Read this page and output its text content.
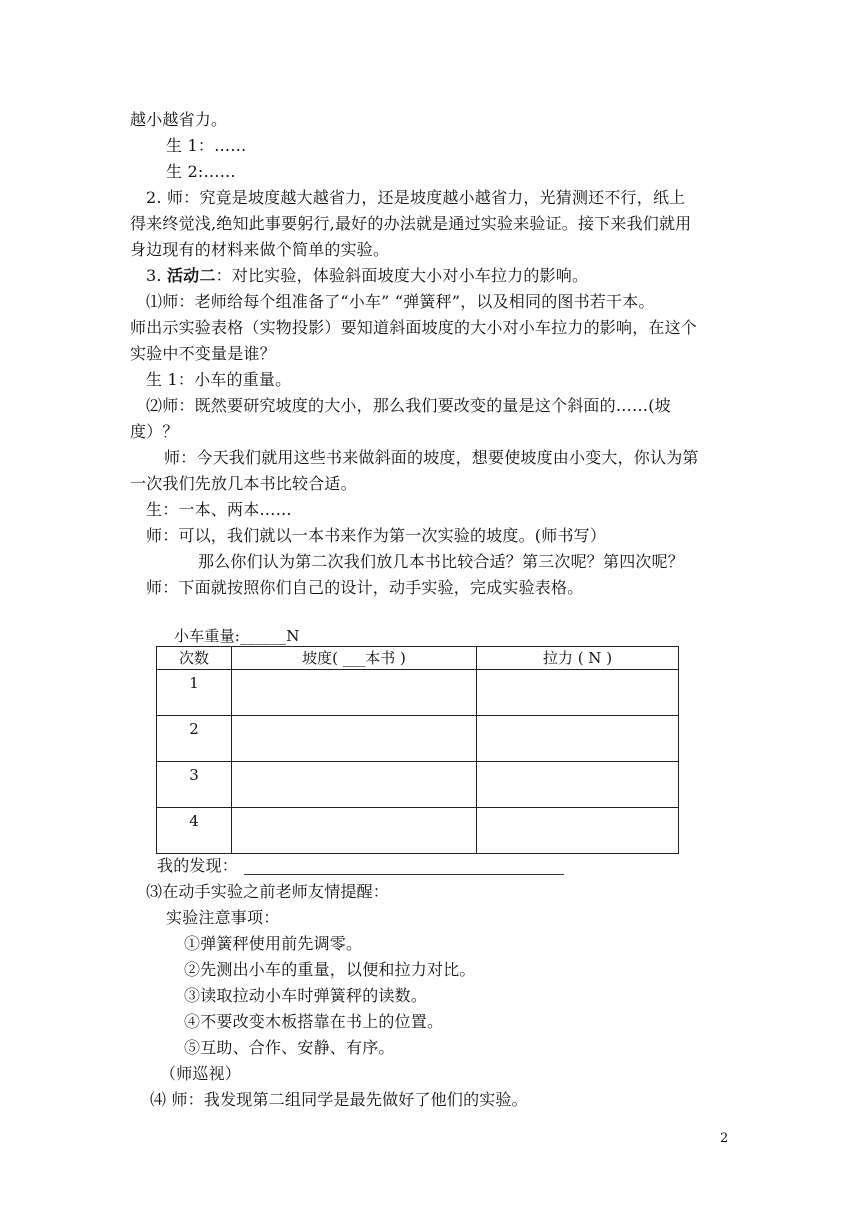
越小越省力。
生 1：……
生 2:……
2. 师：究竟是坡度越大越省力，还是坡度越小越省力，光猜测还不行，纸上
得来终觉浅,绝知此事要躬行,最好的办法就是通过实验来验证。接下来我们就用
身边现有的材料来做个简单的实验。
3. 活动二：对比实验，体验斜面坡度大小对小车拉力的影响。
⑴师：老师给每个组准备了“小车” “弹簧秤”，以及相同的图书若干本。
师出示实验表格（实物投影）要知道斜面坡度的大小对小车拉力的影响，在这个
实验中不变量是谁？
生 1：小车的重量。
⑵师：既然要研究坡度的大小，那么我们要改变的量是这个斜面的……(坡
度）？
师：今天我们就用这些书来做斜面的坡度，想要使坡度由小变大，你认为第
一次我们先放几本书比较合适。
生：一本、两本……
师：可以，我们就以一本书来作为第一次实验的坡度。(师书写）
那么你们认为第二次我们放几本书比较合适？第三次呢？第四次呢？
师：下面就按照你们自己的设计，动手实验，完成实验表格。
小车重量:______N
次数	坡度( ___本书 )	拉力 ( N )
1		
2		
3		
4		
我的发现：
⑶在动手实验之前老师友情提醒：
实验注意事项：
①弹簧秤使用前先调零。
②先测出小车的重量，以便和拉力对比。
③读取拉动小车时弹簧秤的读数。
④不要改变木板搭靠在书上的位置。
⑤互助、合作、安静、有序。
（师巡视）
⑷ 师：我发现第二组同学是最先做好了他们的实验。
2
